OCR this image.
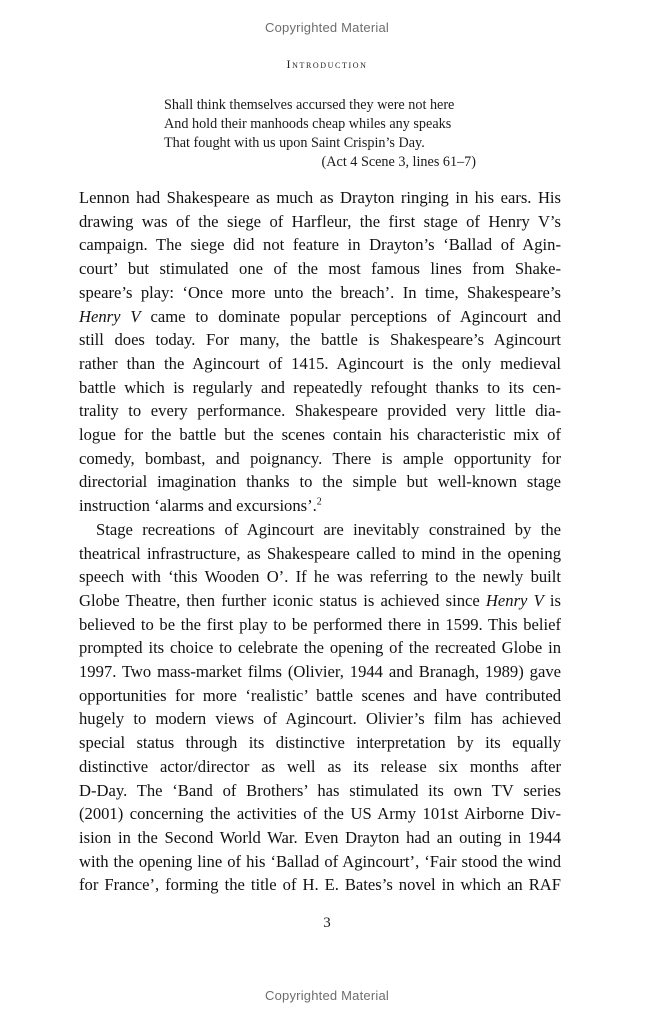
Copyrighted Material
Introduction
Shall think themselves accursed they were not here
And hold their manhoods cheap whiles any speaks
That fought with us upon Saint Crispin’s Day.
(Act 4 Scene 3, lines 61–7)
Lennon had Shakespeare as much as Drayton ringing in his ears. His
drawing was of the siege of Harfleur, the first stage of Henry V’s
campaign. The siege did not feature in Drayton’s ‘Ballad of Agin-
court’ but stimulated one of the most famous lines from Shake-
speare’s play: ‘Once more unto the breach’. In time, Shakespeare’s
Henry V came to dominate popular perceptions of Agincourt and
still does today. For many, the battle is Shakespeare’s Agincourt
rather than the Agincourt of 1415. Agincourt is the only medieval
battle which is regularly and repeatedly refought thanks to its cen-
trality to every performance. Shakespeare provided very little dia-
logue for the battle but the scenes contain his characteristic mix of
comedy, bombast, and poignancy. There is ample opportunity for
directorial imagination thanks to the simple but well-known stage
instruction ‘alarms and excursions’.$^2$
Stage recreations of Agincourt are inevitably constrained by the
theatrical infrastructure, as Shakespeare called to mind in the opening
speech with ‘this Wooden O’. If he was referring to the newly built
Globe Theatre, then further iconic status is achieved since Henry V is
believed to be the first play to be performed there in 1599. This belief
prompted its choice to celebrate the opening of the recreated Globe in
1997. Two mass-market films (Olivier, 1944 and Branagh, 1989) gave
opportunities for more ‘realistic’ battle scenes and have contributed
hugely to modern views of Agincourt. Olivier’s film has achieved
special status through its distinctive interpretation by its equally
distinctive actor/director as well as its release six months after
D-Day. The ‘Band of Brothers’ has stimulated its own TV series
(2001) concerning the activities of the US Army 101st Airborne Div-
ision in the Second World War. Even Drayton had an outing in 1944
with the opening line of his ‘Ballad of Agincourt’, ‘Fair stood the wind
for France’, forming the title of H. E. Bates’s novel in which an RAF
3
Copyrighted Material
